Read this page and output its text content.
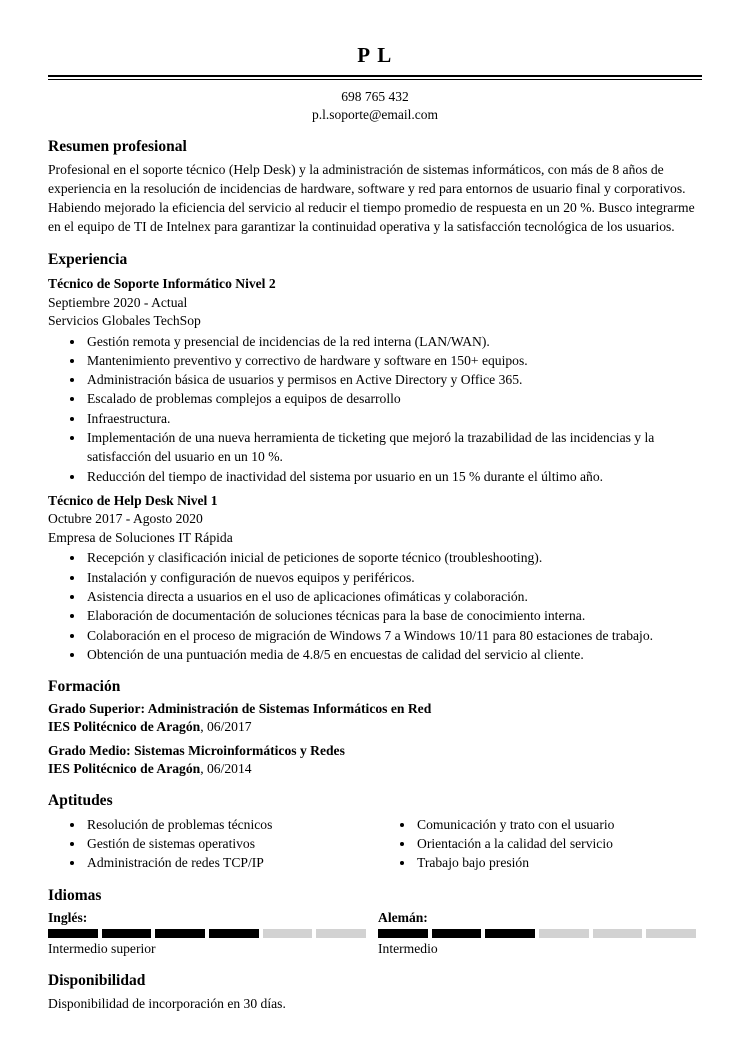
P L
698 765 432
p.l.soporte@email.com
Resumen profesional

Profesional en el soporte técnico (Help Desk) y la administración de sistemas informáticos, con más de 8 años de experiencia en la resolución de incidencias de hardware, software y red para entornos de usuario final y corporativos. Habiendo mejorado la eficiencia del servicio al reducir el tiempo promedio de respuesta en un 20 %. Busco integrarme en el equipo de TI de Intelnex para garantizar la continuidad operativa y la satisfacción tecnológica de los usuarios.

Experiencia
Técnico de Soporte Informático Nivel 2
Septiembre 2020 - Actual
Servicios Globales TechSop
• Gestión remota y presencial de incidencias de la red interna (LAN/WAN).
• Mantenimiento preventivo y correctivo de hardware y software en 150+ equipos.
• Administración básica de usuarios y permisos en Active Directory y Office 365.
• Escalado de problemas complejos a equipos de desarrollo
• Infraestructura.
• Implementación de una nueva herramienta de ticketing que mejoró la trazabilidad de las incidencias y la satisfacción del usuario en un 10 %.
• Reducción del tiempo de inactividad del sistema por usuario en un 15 % durante el último año.
Técnico de Help Desk Nivel 1
Octubre 2017 - Agosto 2020
Empresa de Soluciones IT Rápida
• Recepción y clasificación inicial de peticiones de soporte técnico (troubleshooting).
• Instalación y configuración de nuevos equipos y periféricos.
• Asistencia directa a usuarios en el uso de aplicaciones ofimáticas y colaboración.
• Elaboración de documentación de soluciones técnicas para la base de conocimiento interna.
• Colaboración en el proceso de migración de Windows 7 a Windows 10/11 para 80 estaciones de trabajo.
• Obtención de una puntuación media de 4.8/5 en encuestas de calidad del servicio al cliente.
Formación
Grado Superior: Administración de Sistemas Informáticos en Red
IES Politécnico de Aragón, 06/2017
Grado Medio: Sistemas Microinformáticos y Redes
IES Politécnico de Aragón, 06/2014
Aptitudes
• Resolución de problemas técnicos
• Gestión de sistemas operativos
• Administración de redes TCP/IP
• Comunicación y trato con el usuario
• Orientación a la calidad del servicio
• Trabajo bajo presión
Idiomas
Inglés:
Intermedio superior
Alemán:
Intermedio
Disponibilidad

Disponibilidad de incorporación en 30 días.
